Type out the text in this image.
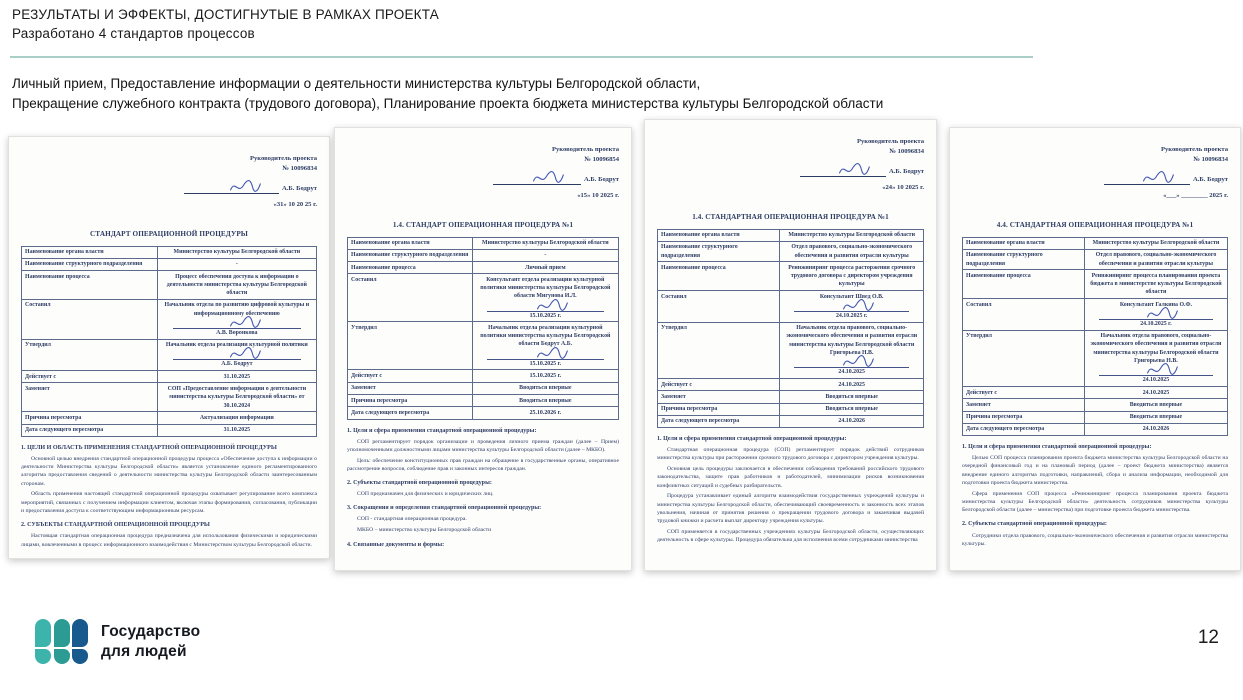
РЕЗУЛЬТАТЫ И ЭФФЕКТЫ, ДОСТИГНУТЫЕ В РАМКАХ ПРОЕКТА
Разработано 4 стандартов процессов
Личный прием, Предоставление информации о деятельности министерства культуры Белгородской области,
Прекращение служебного контракта (трудового договора), Планирование проекта бюджета министерства культуры Белгородской области
Руководитель проекта
№ 10096834
А.Б. Бодрут
«31» 10 20 25 г.
СТАНДАРТ ОПЕРАЦИОННОЙ ПРОЦЕДУРЫ
Наименование органа власти	Министерство культуры Белгородской области

Наименование структурного подразделения	-

Наименование процесса	Процесс обеспечения доступа к информации о деятельности министерства культуры Белгородской области

Составил	Начальник отдела по развитию цифровой культуры и информационному обеспечению
А.В. Воронкова

Утвердил	Начальник отдела реализации культурной политики
А.Б. Бодрут

Действует с	31.10.2025

Заменяет	СОП «Предоставление информации о деятельности министерства культуры Белгородской области» от 30.10.2024

Причина пересмотра	Актуализация информации

Дата следующего пересмотра	31.10.2025
1. ЦЕЛИ И ОБЛАСТЬ ПРИМЕНЕНИЯ СТАНДАРТНОЙ ОПЕРАЦИОННОЙ ПРОЦЕДУРЫ

Основной целью внедрения стандартной операционной процедуры процесса «Обеспечение доступа к информации о деятельности Министерства культуры Белгородской области» является установление единого регламентированного алгоритма предоставления сведений о деятельности министерства культуры Белгородской области заинтересованным сторонам.

Область применения настоящей стандартной операционной процедуры охватывает регулирование всего комплекса мероприятий, связанных с получением информации клиентом, включая этапы формирования, согласования, публикации и предоставления доступа к соответствующим информационным ресурсам.

2. СУБЪЕКТЫ СТАНДАРТНОЙ ОПЕРАЦИОННОЙ ПРОЦЕДУРЫ

Настоящая стандартная операционная процедура предназначена для использования физическими и юридическими лицами, вовлеченными в процесс информационного взаимодействия с Министерством культуры Белгородской области.

Руководитель проекта
№ 10096854
А.Б. Бодрут
«15» 10 2025 г.
1.4. СТАНДАРТ ОПЕРАЦИОННАЯ ПРОЦЕДУРА №1
Наименование органа власти	Министерство культуры Белгородской области

Наименование структурного подразделения	-

Наименование процесса	Личный прием

Составил	Консультант отдела реализации культурной политики министерства культуры Белгородской области Мигунова И.Л.
15.10.2025 г.

Утвердил	Начальник отдела реализации культурной политики министерства культуры Белгородской области Бодрут А.Б.
15.10.2025 г.

Действует с	15.10.2025 г.

Заменяет	Вводиться впервые

Причина пересмотра	Вводиться впервые

Дата следующего пересмотра	25.10.2026 г.
1. Цели и сфера применения стандартной операционной процедуры:

СОП регламентирует порядок организации и проведения личного приема граждан (далее – Прием) уполномоченными должностными лицами министерства культуры Белгородской области (далее – МКБО).

Цель: обеспечение конституционных прав граждан на обращение в государственные органы, оперативное рассмотрение вопросов, соблюдение прав и законных интересов граждан.

2. Субъекты стандартной операционной процедуры:

СОП предназначен для физических и юридических лиц.

3. Сокращения и определения стандартной операционной процедуры:

СОП - стандартная операционная процедура.

МКБО – министерство культуры Белгородской области

4. Связанные документы и формы:
Руководитель проекта
№ 10096834
А.Б. Бодрут
«24» 10 2025 г.
1.4. СТАНДАРТНАЯ ОПЕРАЦИОННАЯ ПРОЦЕДУРА №1
Наименование органа власти	Министерство культуры Белгородской области

Наименование структурного подразделения	Отдел правового, социально-экономического обеспечения и развития отрасли культуры

Наименование процесса	Реинжиниринг процесса расторжения срочного трудового договора с директором учреждения культуры

Составил	Консультант Швед О.В.
24.10.2025 г.

Утвердил	Начальник отдела правового, социально-экономического обеспечения и развития отрасли министерства культуры Белгородской области Григорьева Н.В.
24.10.2025

Действует с	24.10.2025

Заменяет	Вводиться впервые

Причина пересмотра	Вводиться впервые

Дата следующего пересмотра	24.10.2026
1. Цели и сфера применения стандартной операционной процедуры:

Стандартная операционная процедура (СОП) регламентирует порядок действий сотрудников министерства культуры при расторжении срочного трудового договора с директором учреждения культуры.

Основная цель процедуры заключается в обеспечении соблюдения требований российского трудового законодательства, защите прав работников и работодателей, минимизации рисков возникновения конфликтных ситуаций и судебных разбирательств.

Процедура устанавливает единый алгоритм взаимодействия государственных учреждений культуры и министерства культуры Белгородской области, обеспечивающий своевременность и законность всех этапов увольнения, начиная от принятия решения о прекращении трудового договора и заканчивая выдачей трудовой книжки и расчета выплат директору учреждения культуры.

СОП применяется в государственных учреждениях культуры Белгородской области, осуществляющих деятельность в сфере культуры. Процедура обязательна для исполнения всеми сотрудниками министерства

Руководитель проекта
№ 10096834
А.Б. Бодрут
«___» ________ 2025 г.
4.4. СТАНДАРТНАЯ ОПЕРАЦИОННАЯ ПРОЦЕДУРА №1
Наименование органа власти	Министерство культуры Белгородской области

Наименование структурного подразделения	Отдел правового, социально-экономического обеспечения и развития отрасли культуры

Наименование процесса	Реинжиниринг процесса планирования проекта бюджета в министерстве культуры Белгородской области

Составил	Консультант Галкина О.Ф.
24.10.2025 г.

Утвердил	Начальник отдела правового, социально-экономического обеспечения и развития отрасли министерства культуры Белгородской области Григорьева Н.В.
24.10.2025

Действует с	24.10.2025

Заменяет	Вводиться впервые

Причина пересмотра	Вводиться впервые

Дата следующего пересмотра	24.10.2026
1. Цели и сфера применения стандартной операционной процедуры:

Целью СОП процесса планирования проекта бюджета министерства культуры Белгородской области на очередной финансовый год и на плановый период (далее – проект бюджета министерства) является внедрение единого алгоритма подготовки, направлений, сбора и анализа информации, необходимой для подготовки проекта бюджета министерства.

Сфера применения СОП процесса «Реинжиниринг процесса планирования проекта бюджета министерства культуры Белгородской области» деятельность сотрудников министерства культуры Белгородской области (далее – министерства) при подготовке проекта бюджета министерства.

2. Субъекты стандартной операционной процедуры:

Сотрудники отдела правового, социально-экономического обеспечения и развития отрасли министерства культуры.

Государство
для людей
12
